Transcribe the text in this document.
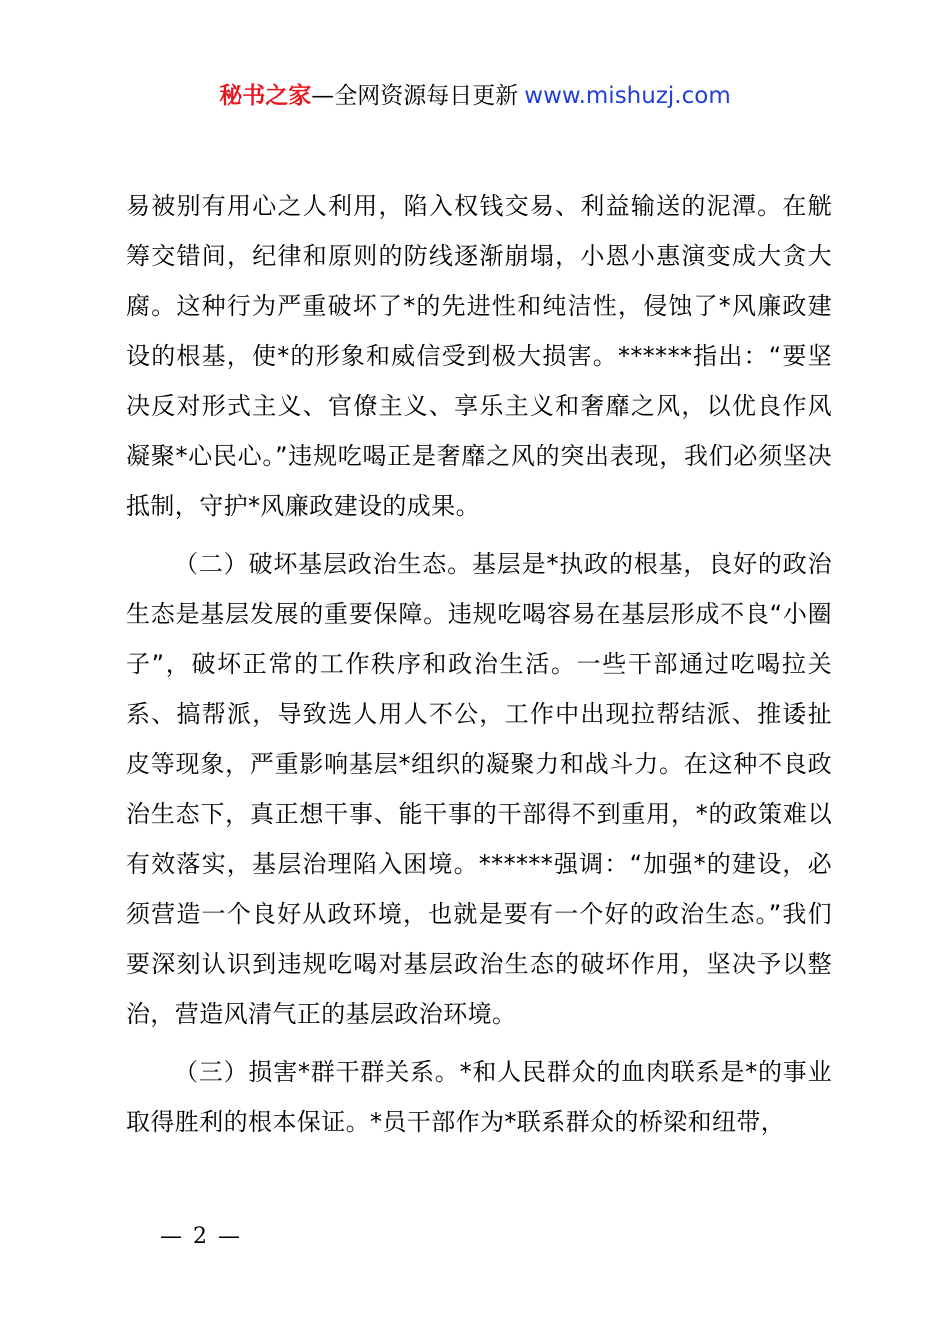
秘书之家—全网资源每日更新 www.mishuzj.com

易被别有用心之人利用，陷入权钱交易、利益输送的泥潭。在觥筹交错间，纪律和原则的防线逐渐崩塌，小恩小惠演变成大贪大腐。这种行为严重破坏了*的先进性和纯洁性，侵蚀了*风廉政建设的根基，使*的形象和威信受到极大损害。******指出：“要坚决反对形式主义、官僚主义、享乐主义和奢靡之风，以优良作风凝聚*心民心。”违规吃喝正是奢靡之风的突出表现，我们必须坚决抵制，守护*风廉政建设的成果。

（二）破坏基层政治生态。基层是*执政的根基，良好的政治生态是基层发展的重要保障。违规吃喝容易在基层形成不良“小圈子”，破坏正常的工作秩序和政治生活。一些干部通过吃喝拉关系、搞帮派，导致选人用人不公，工作中出现拉帮结派、推诿扯皮等现象，严重影响基层*组织的凝聚力和战斗力。在这种不良政治生态下，真正想干事、能干事的干部得不到重用，*的政策难以有效落实，基层治理陷入困境。******强调：“加强*的建设，必须营造一个良好从政环境，也就是要有一个好的政治生态。”我们要深刻认识到违规吃喝对基层政治生态的破坏作用，坚决予以整治，营造风清气正的基层政治环境。

（三）损害*群干群关系。*和人民群众的血肉联系是*的事业取得胜利的根本保证。*员干部作为*联系群众的桥梁和纽带，

— 2 —
